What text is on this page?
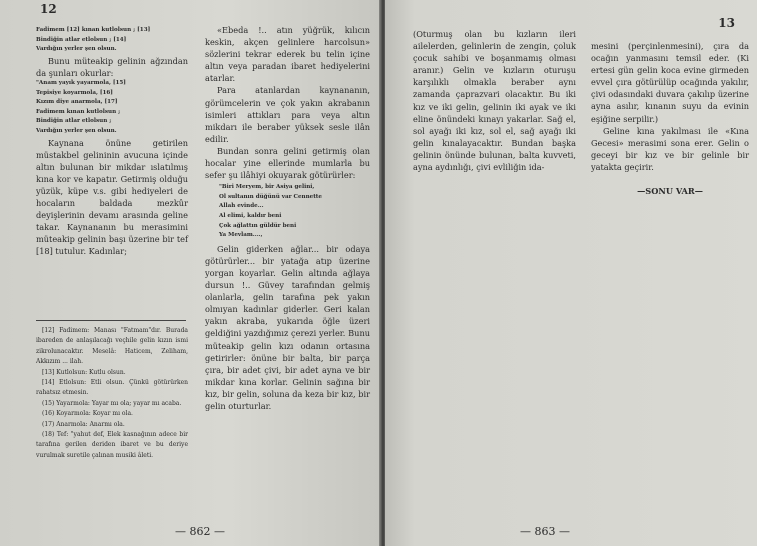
12

Fadimem [12] kınan kutlolsun ; [13]

Bindiğin atlar etlolsun ; [14]

Vardığın yerler şen olsun.

Bunu müteakip gelinin ağzından da şunları okurlar:

"Anam yayık yayarmola, [15]

Tepisiye koyarmola, [16]

Kızım diye anarmola, [17]

Fadimem kınan kutlolsun ;

Bindiğin atlar etlolsun ;

Vardığın yerler şen olsun.

Kaynana önüne getirilen müstakbel gelininin avucuna içinde altın bulunan bir mikdar ıslatılmış kına kor ve kapatır. Getirmiş olduğu yüzük, küpe v.s. gibi hediyeleri de hocaların baldada mezkûr deyişlerinin devamı arasında geline takar. Kaynananın bu merasimini müteakip gelinin başı üzerine bir tef [18] tutulur. Kadınlar;

[12] Fadimem: Manası "Fatmam"dır. Burada ibareden de anlaşılacağı veçhile gelin kızın ismi zikrolunacaktır. Meselâ: Haticem, Zeliham, Akkızım ... ilah.

[13] Kutlolsun: Kutlu olsun.

[14] Etlolsun: Etli olsun. Çünkü götürürken rahatsız etmesin.

(15) Yayarmola: Yayar mı ola; yayar mı acaba.

(16) Koyarmola: Koyar mı ola.

(17) Anarmola: Anarmı ola.

(18) Tef: "yahut def, Elek kasnağının adece bir tarafına gerilen deriden ibaret ve bu deriye vurulmak suretile çalınan musiki âleti.

«Ebeda !.. atın yüğrük, kılıcın keskin, akçen gelinlere harcolsun» sözlerini tekrar ederek bu telin içine altın veya paradan ibaret hediyelerini atarlar.

Para atanlardan kaynananın, görümcelerin ve çok yakın akrabanın isimleri attıkları para veya altın mikdarı ile beraber yüksek sesle ilân edilir.

Bundan sonra gelini getirmiş olan hocalar yine ellerinde mumlarla bu sefer şu ilâhiyi okuyarak götürürler:

"Biri Meryem, bir Asiya gelini,

Ol sultanın düğünü var Cennette

Allah evinde...

Al elimi, kaldır beni

Çok ağlattın güldür beni

Ya Mevlam....,

Gelin giderken ağlar... bir odaya götürürler... bir yatağa atıp üzerine yorgan koyarlar. Gelin altında ağlaya dursun !.. Güvey tarafından gelmiş olanlarla, gelin tarafına pek yakın olmıyan kadınlar giderler. Geri kalan yakın akraba, yukarıda öğle üzeri geldiğini yazdığımız çerezi yerler. Bunu müteakip gelin kızı odanın ortasına getirirler: önüne bir balta, bir parça çıra, bir adet çivi, bir adet ayna ve bir mikdar kına korlar. Gelinin sağına bir kız, bir gelin, soluna da keza bir kız, bir gelin oturturlar.

— 862 —
13

(Oturmuş olan bu kızların ileri ailelerden, gelinlerin de zengin, çoluk çocuk sahibi ve boşanmamış olması aranır.) Gelin ve kızların oturuşu karşılıklı olmakla beraber aynı zamanda çaprazvari olacaktır. Bu iki kız ve iki gelin, gelinin iki ayak ve iki eline önündeki kınayı yakarlar. Sağ el, sol ayağı iki kız, sol el, sağ ayağı iki gelin kınalayacaktır. Bundan başka gelinin önünde bulunan, balta kuvveti, ayna aydınlığı, çivi evliliğin ida-

mesini (perçinlenmesini), çıra da ocağın yanmasını temsil eder. (Ki ertesi gün gelin koca evine girmeden evvel çıra götürülüp ocağında yakılır, çivi odasındaki duvara çakılıp üzerine ayna asılır, kınanın suyu da evinin eşiğine serpilir.)

Geline kına yakılması ile «Kına Gecesi» merasimi sona erer. Gelin o geceyi bir kız ve bir gelinle bir yatakta geçirir.

—SONU VAR—

— 863 —
